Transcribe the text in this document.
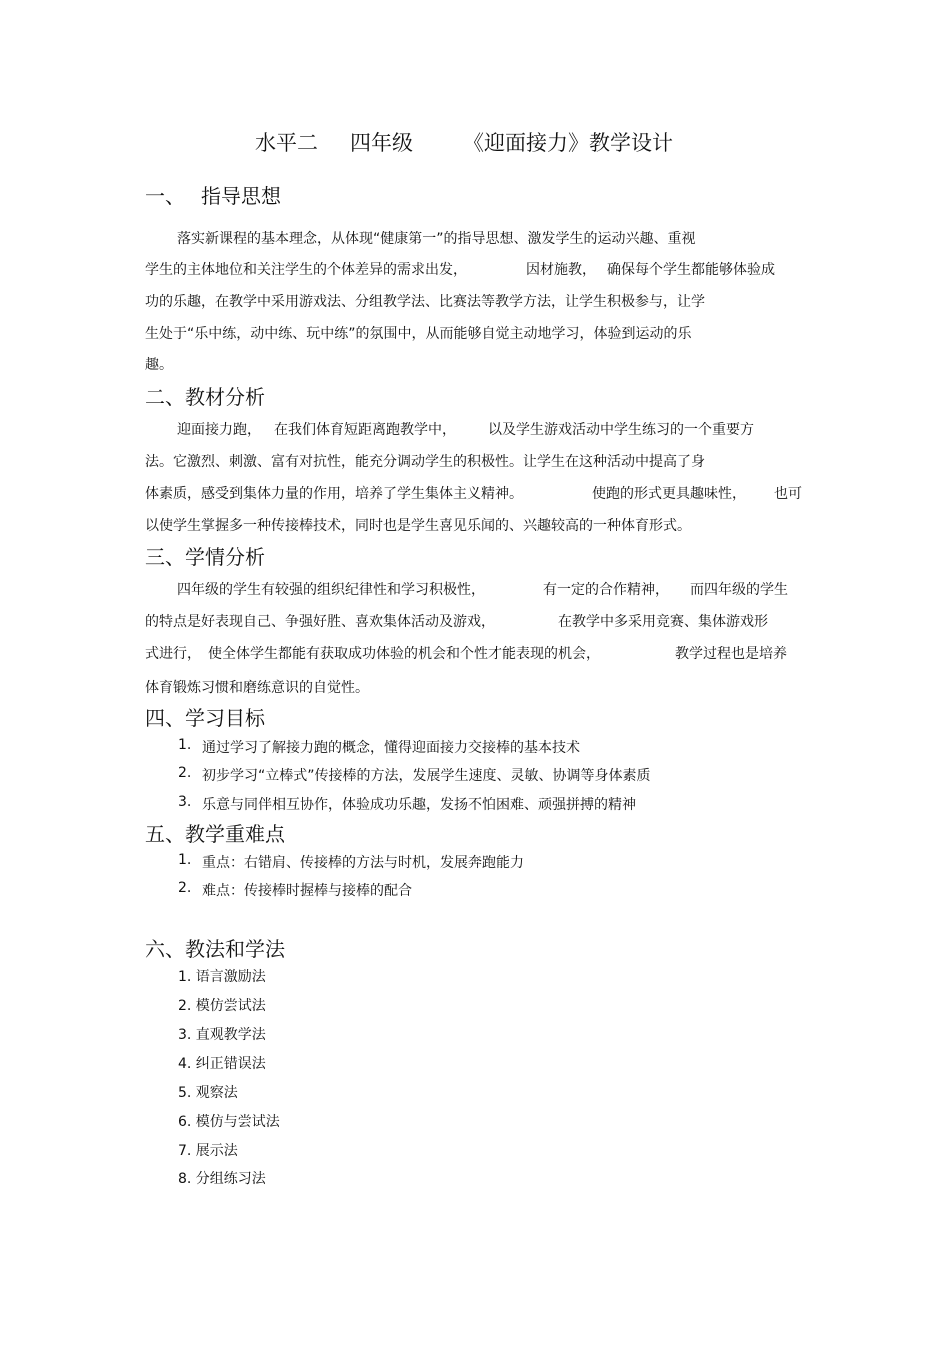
水平二 四年级 《迎面接力》教学设计
一、 指导思想
落实新课程的基本理念，从体现“健康第一”的指导思想、激发学生的运动兴趣、重视
学生的主体地位和关注学生的个体差异的需求出发，	因材施教， 确保每个学生都能够体验成
功的乐趣，在教学中采用游戏法、分组教学法、比赛法等教学方法，让学生积极参与，让学
生处于“乐中练，动中练、玩中练”的氛围中，从而能够自觉主动地学习，体验到运动的乐
趣。
二、教材分析
迎面接力跑， 在我们体育短距离跑教学中， 以及学生游戏活动中学生练习的一个重要方
法。它激烈、刺激、富有对抗性，能充分调动学生的积极性。让学生在这种活动中提高了身
体素质，感受到集体力量的作用，培养了学生集体主义精神。	使跑的形式更具趣味性， 也可
以使学生掌握多一种传接棒技术，同时也是学生喜见乐闻的、兴趣较高的一种体育形式。
三、学情分析
四年级的学生有较强的组织纪律性和学习积极性，	有一定的合作精神， 而四年级的学生
的特点是好表现自己、争强好胜、喜欢集体活动及游戏，	在教学中多采用竞赛、集体游戏形
式进行， 使全体学生都能有获取成功体验的机会和个性才能表现的机会，	教学过程也是培养
体育锻炼习惯和磨练意识的自觉性。
四、学习目标
1. 通过学习了解接力跑的概念，懂得迎面接力交接棒的基本技术
2. 初步学习“立棒式”传接棒的方法，发展学生速度、灵敏、协调等身体素质
3. 乐意与同伴相互协作，体验成功乐趣，发扬不怕困难、顽强拼搏的精神
五、教学重难点
1. 重点：右错肩、传接棒的方法与时机，发展奔跑能力
2. 难点：传接棒时握棒与接棒的配合
六、教法和学法
1. 语言激励法
2. 模仿尝试法
3. 直观教学法
4. 纠正错误法
5. 观察法
6. 模仿与尝试法
7. 展示法
8. 分组练习法
